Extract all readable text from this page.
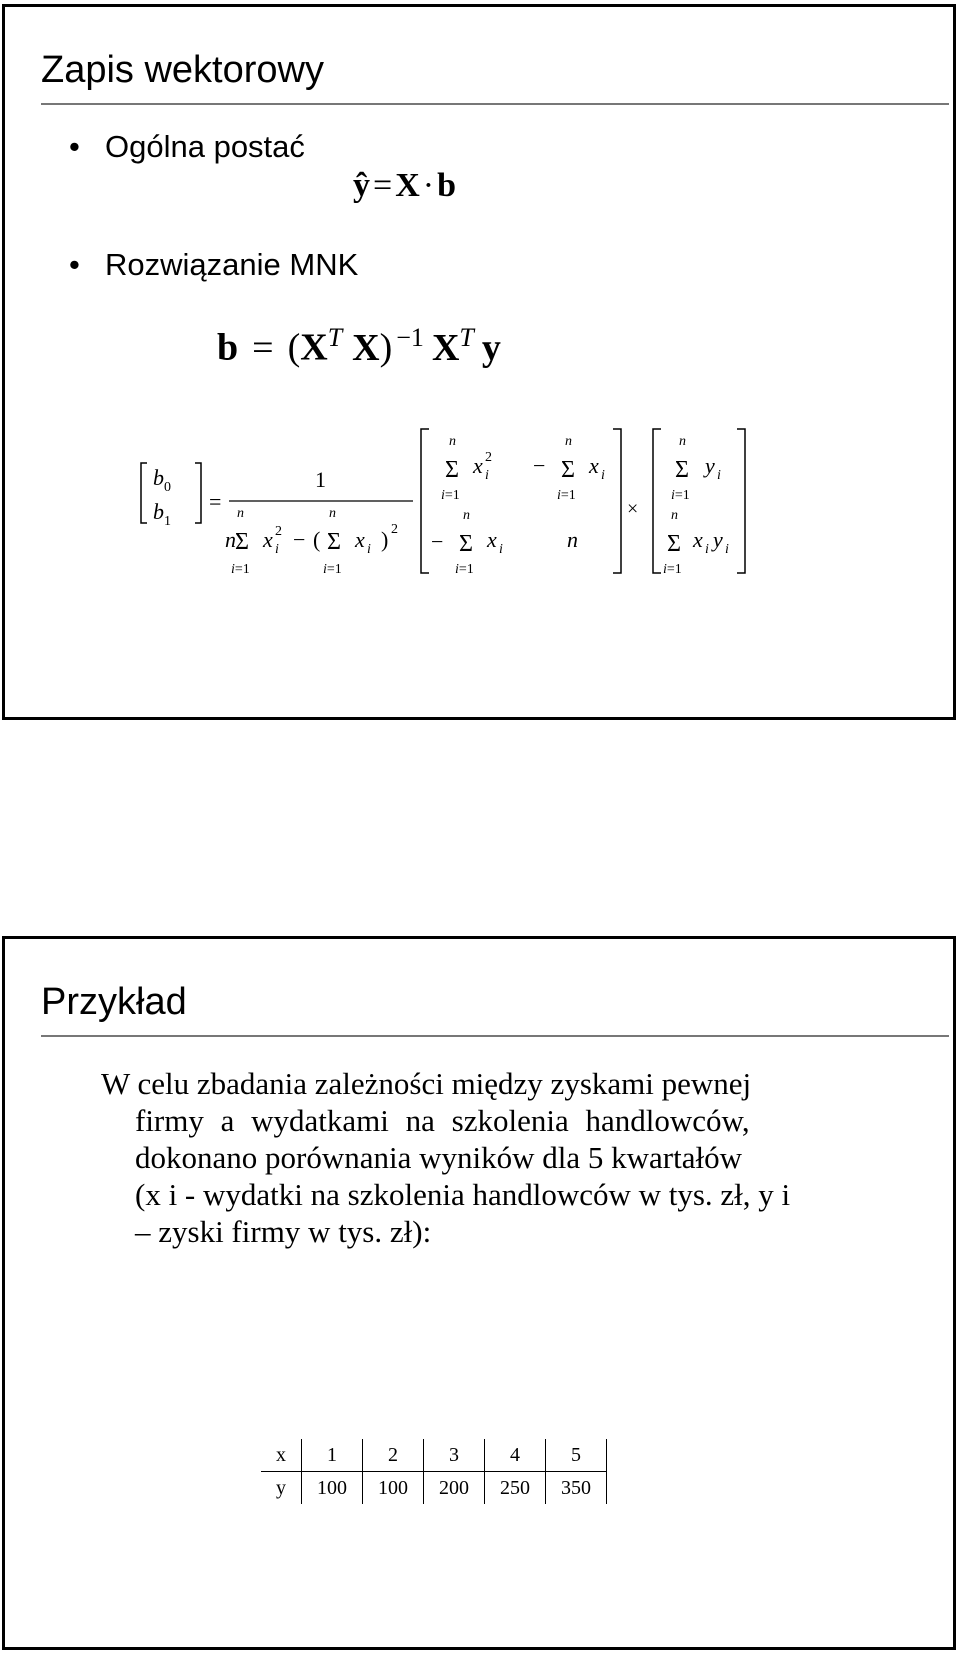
Zapis wektorowy
• Ogólna postać
ŷ=X·b
• Rozwiązanie MNK
$b = (X^T$ X) $^{-1}$ $X^T$ y
$b_0$
$b_1$
=
1
n
n
Σ
i=1
x 2
i − (
n
Σ
i=1
x i ) 2
n
Σ
i=1
x 2
i −
n
Σ
i=1
x i
−
n
Σ
i=1
x i	n
×
n
Σ
i=1
y i
n
Σ
i=1
x i y i
Przykład
W celu zbadania zależności między zyskami pewnej
firmy a wydatkami na szkolenia handlowców,
dokonano porównania wyników dla 5 kwartałów
(x i - wydatki na szkolenia handlowców w tys. zł, y i
– zyski firmy w tys. zł):
x	1	2	3	4	5
y	100	100	200	250	350
